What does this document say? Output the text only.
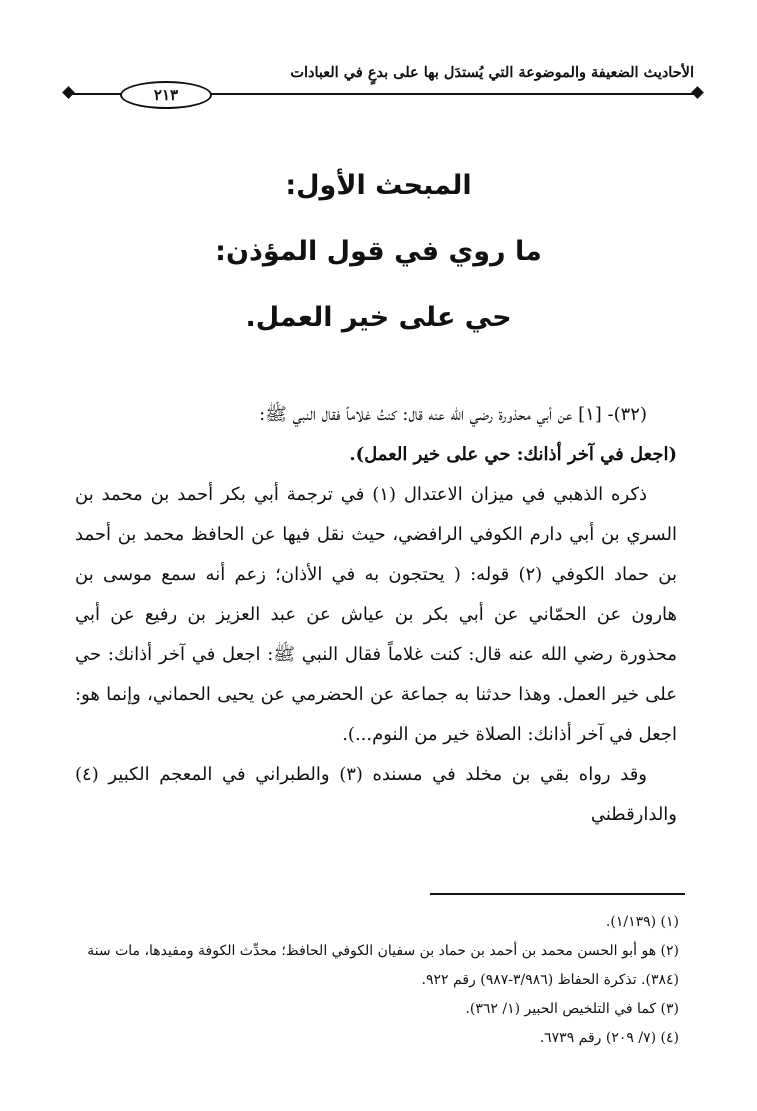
الأحاديث الضعيفة والموضوعة التي يُستدَل بها على بدعٍ في العبادات
٢١٣
المبحث الأول:
ما روي في قول المؤذن:
حي على خير العمل.

(٣٢)- [١] عن أبي محذورة رضي الله عنه قال: كنتُ غلاماً فقال النبي ﷺ:

(اجعل في آخر أذانك: حي على خير العمل).

ذكره الذهبي في ميزان الاعتدال (١) في ترجمة أبي بكر أحمد بن محمد بن السري بن أبي دارم الكوفي الرافضي، حيث نقل فيها عن الحافظ محمد بن أحمد بن حماد الكوفي (٢) قوله: ( يحتجون به في الأذان؛ زعم أنه سمع موسى بن هارون عن الحمّاني عن أبي بكر بن عياش عن عبد العزيز بن رفيع عن أبي محذورة رضي الله عنه قال: كنت غلاماً فقال النبي ﷺ: اجعل في آخر أذانك: حي على خير العمل. وهذا حدثنا به جماعة عن الحضرمي عن يحيى الحماني، وإنما هو: اجعل في آخر أذانك: الصلاة خير من النوم...).

وقد رواه بقي بن مخلد في مسنده (٣) والطبراني في المعجم الكبير (٤) والدارقطني

(١) (١/١٣٩).

(٢) هو أبو الحسن محمد بن أحمد بن حماد بن سفيان الكوفي الحافظ؛ محدِّث الكوفة ومفيدها، مات سنة (٣٨٤). تذكرة الحفاظ (٣/٩٨٦-٩٨٧) رقم ٩٢٢.

(٣) كما في التلخيص الحبير (١/ ٣٦٢).

(٤) (٧/ ٢٠٩) رقم ٦٧٣٩.
